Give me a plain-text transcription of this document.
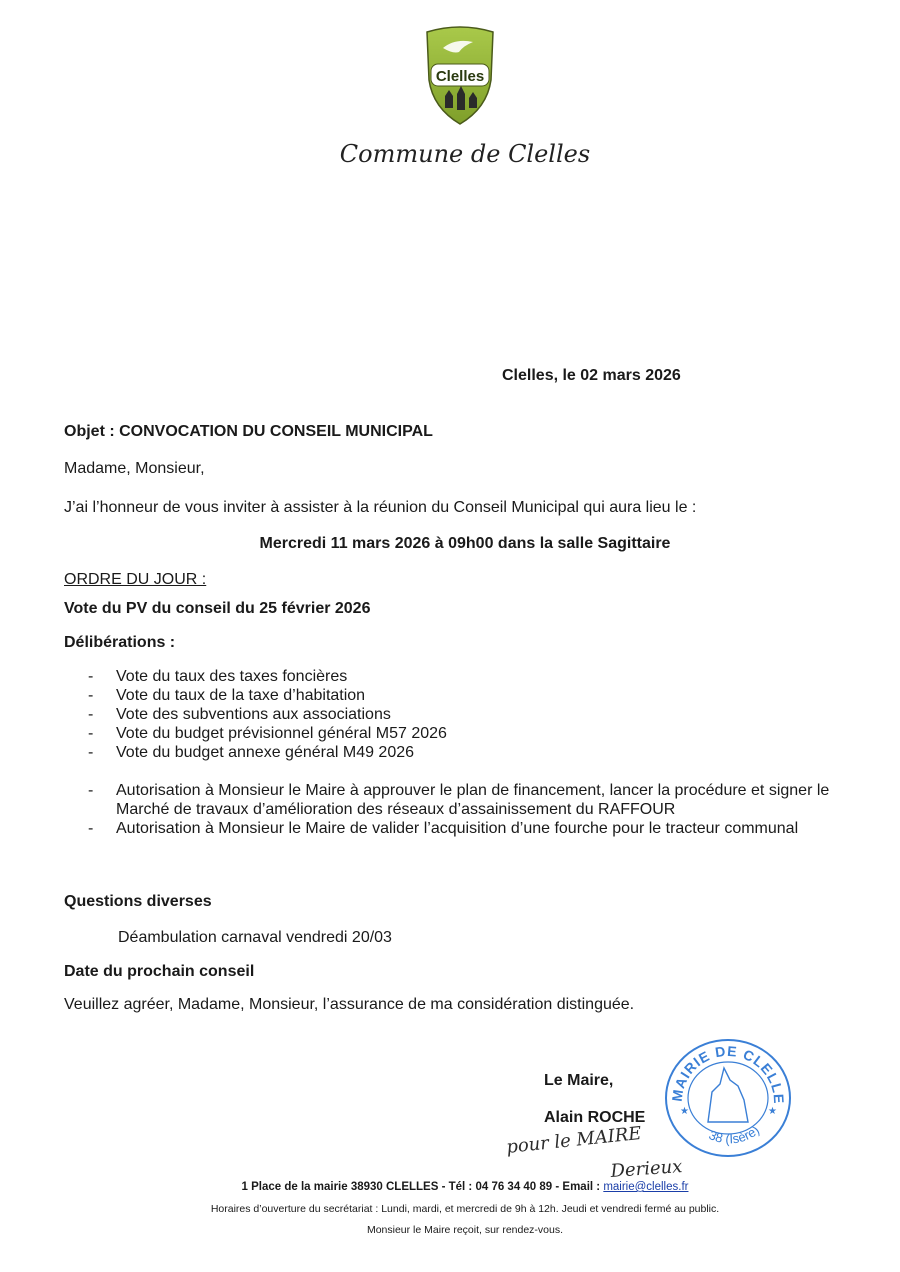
Clelles
Commune de Clelles
Clelles, le 02 mars 2026
Objet : CONVOCATION DU CONSEIL MUNICIPAL
Madame, Monsieur,
J’ai l’honneur de vous inviter à assister à la réunion du Conseil Municipal qui aura lieu le :
Mercredi 11 mars 2026 à 09h00 dans la salle Sagittaire
ORDRE DU JOUR :
Vote du PV du conseil du 25 février 2026
Délibérations :
- Vote du taux des taxes foncières
- Vote du taux de la taxe d’habitation
- Vote des subventions aux associations
- Vote du budget prévisionnel général M57 2026
- Vote du budget annexe général M49 2026
- Autorisation à Monsieur le Maire à approuver le plan de financement, lancer la procédure et signer le
Marché de travaux d’amélioration des réseaux d’assainissement du RAFFOUR
- Autorisation à Monsieur le Maire de valider l’acquisition d’une fourche pour le tracteur communal
Questions diverses
Déambulation carnaval vendredi 20/03
Date du prochain conseil
Veuillez agréer, Madame, Monsieur, l’assurance de ma considération distinguée.
Le Maire,
Alain ROCHE
MAIRIE DE CLELLE
38 (Isère)
★	★
pour le MAIRE
Derieux
1 Place de la mairie 38930 CLELLES - Tél : 04 76 34 40 89 - Email : mairie@clelles.fr
Horaires d’ouverture du secrétariat : Lundi, mardi, et mercredi de 9h à 12h. Jeudi et vendredi fermé au public.
Monsieur le Maire reçoit, sur rendez-vous.
